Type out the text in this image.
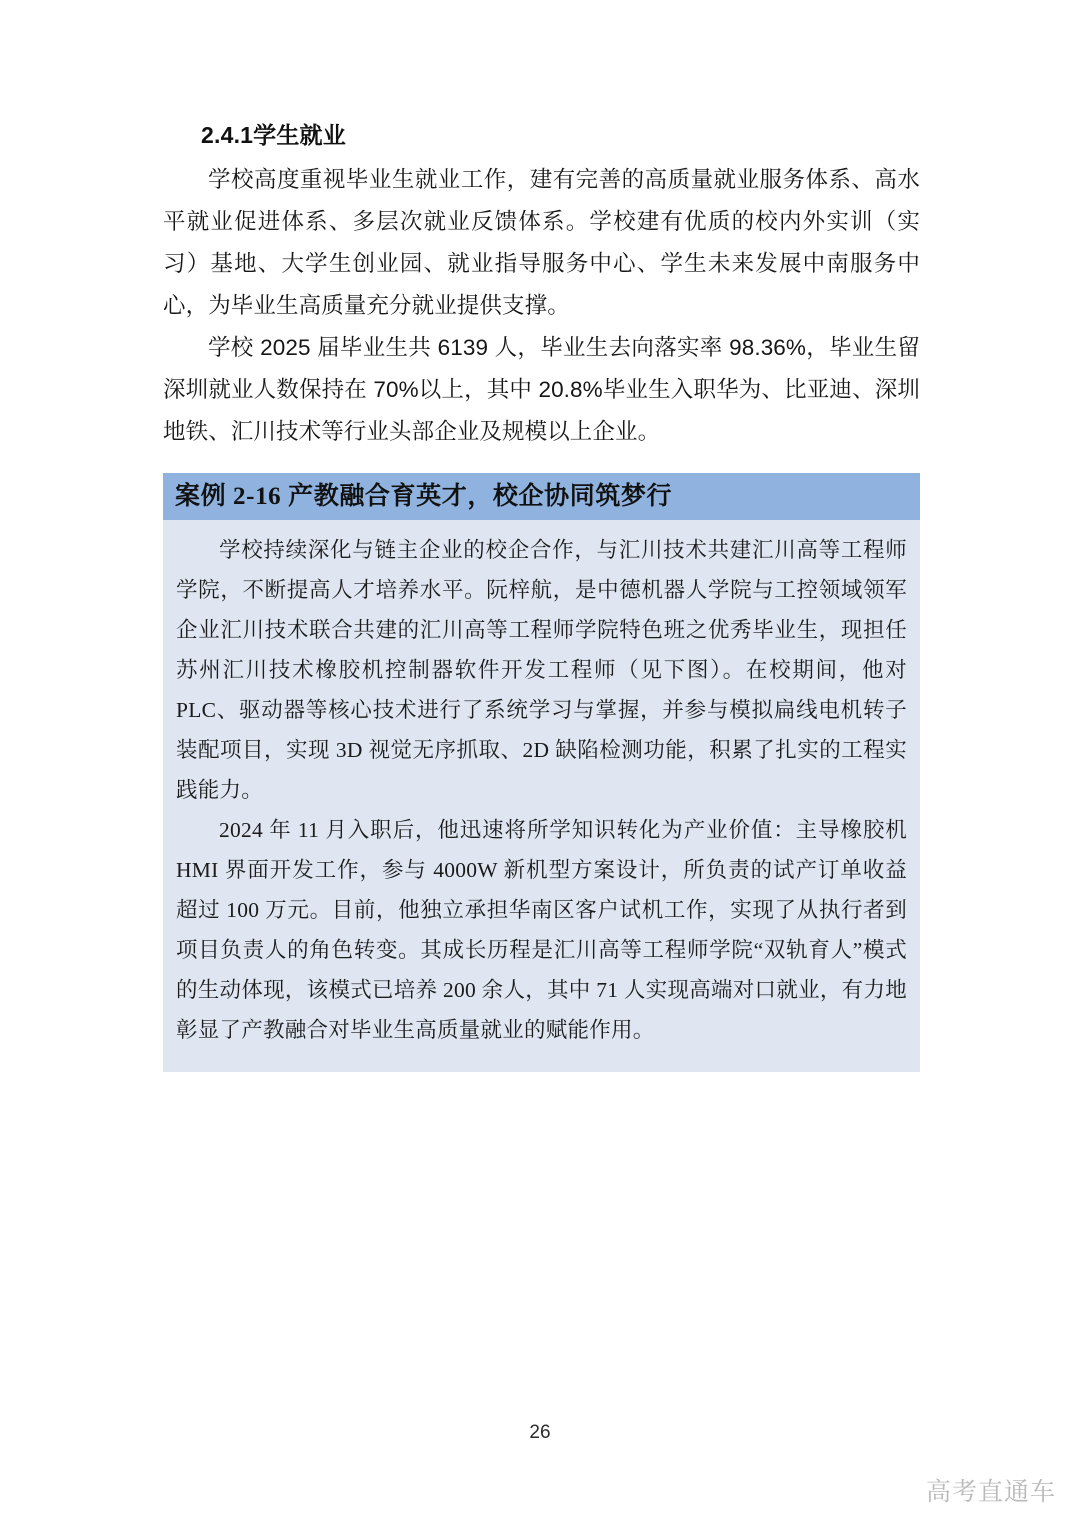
2.4.1学生就业

学校高度重视毕业生就业工作，建有完善的高质量就业服务体系、高水平就业促进体系、多层次就业反馈体系。学校建有优质的校内外实训（实习）基地、大学生创业园、就业指导服务中心、学生未来发展中南服务中心，为毕业生高质量充分就业提供支撑。

学校 2025 届毕业生共 6139 人，毕业生去向落实率 98.36%，毕业生留深圳就业人数保持在 70%以上，其中 20.8%毕业生入职华为、比亚迪、深圳地铁、汇川技术等行业头部企业及规模以上企业。

案例 2-16 产教融合育英才，校企协同筑梦行

学校持续深化与链主企业的校企合作，与汇川技术共建汇川高等工程师学院，不断提高人才培养水平。阮梓航，是中德机器人学院与工控领域领军企业汇川技术联合共建的汇川高等工程师学院特色班之优秀毕业生，现担任苏州汇川技术橡胶机控制器软件开发工程师（见下图）。在校期间，他对 PLC、驱动器等核心技术进行了系统学习与掌握，并参与模拟扁线电机转子装配项目，实现 3D 视觉无序抓取、2D 缺陷检测功能，积累了扎实的工程实践能力。

2024 年 11 月入职后，他迅速将所学知识转化为产业价值：主导橡胶机 HMI 界面开发工作，参与 4000W 新机型方案设计，所负责的试产订单收益超过 100 万元。目前，他独立承担华南区客户试机工作，实现了从执行者到项目负责人的角色转变。其成长历程是汇川高等工程师学院“双轨育人”模式的生动体现，该模式已培养 200 余人，其中 71 人实现高端对口就业，有力地彰显了产教融合对毕业生高质量就业的赋能作用。

26
高考直通车
